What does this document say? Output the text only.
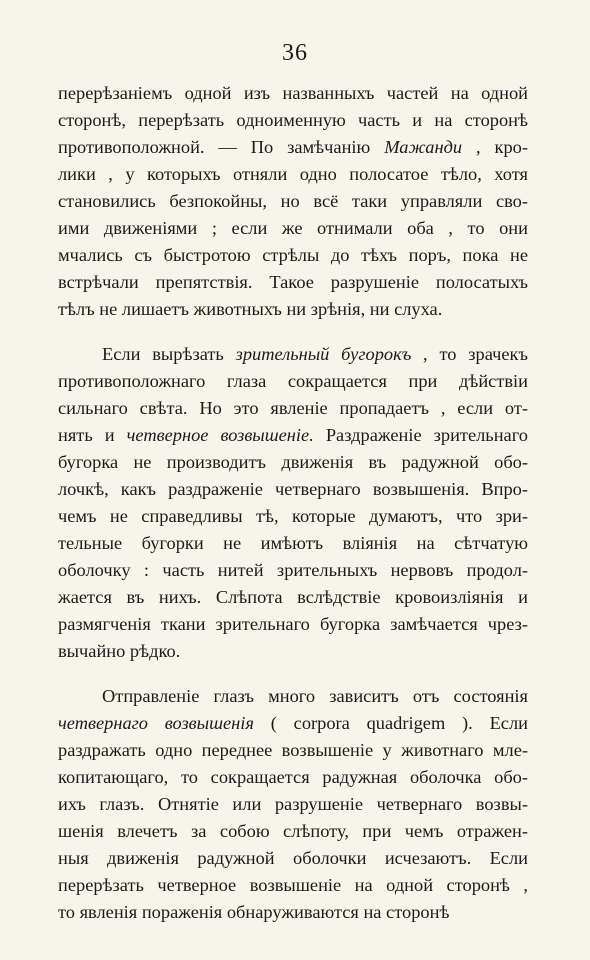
36
перерѣзаніемъ одной изъ названныхъ частей на одной
сторонѣ, перерѣзать одноименную часть и на сторонѣ
противоположной. — По замѣчанію Мажанди , кро-
лики , у которыхъ отняли одно полосатое тѣло, хотя
становились безпокойны, но всё таки управляли сво-
ими движеніями ; если же отнимали оба , то они
мчались съ быстротою стрѣлы до тѣхъ поръ, пока не
встрѣчали препятствія. Такое разрушеніе полосатыхъ
тѣлъ не лишаетъ животныхъ ни зрѣнія, ни слуха.
Если вырѣзать зрительный бугорокъ , то зрачекъ
противоположнаго глаза сокращается при дѣйствіи
сильнаго свѣта. Но это явленіе пропадаетъ , если от-
нять и четверное возвышеніе. Раздраженіе зрительнаго
бугорка не производитъ движенія въ радужной обо-
лочкѣ, какъ раздраженіе четвернаго возвышенія. Впро-
чемъ не справедливы тѣ, которые думаютъ, что зри-
тельные бугорки не имѣютъ вліянія на сѣтчатую
оболочку : часть нитей зрительныхъ нервовъ продол-
жается въ нихъ. Слѣпота вслѣдствіе кровоизліянія и
размягченія ткани зрительнаго бугорка замѣчается чрез-
вычайно рѣдко.
Отправленіе глазъ много зависитъ отъ состоянія
четвернаго возвышенія ( corpora quadrigem ). Если
раздражать одно переднее возвышеніе у животнаго мле-
копитающаго, то сокращается радужная оболочка обо-
ихъ глазъ. Отнятіе или разрушеніе четвернаго возвы-
шенія влечетъ за собою слѣпоту, при чемъ отражен-
ныя движенія радужной оболочки исчезаютъ. Если
перерѣзать четверное возвышеніе на одной сторонѣ ,
то явленія пораженія обнаруживаются на сторонѣ
